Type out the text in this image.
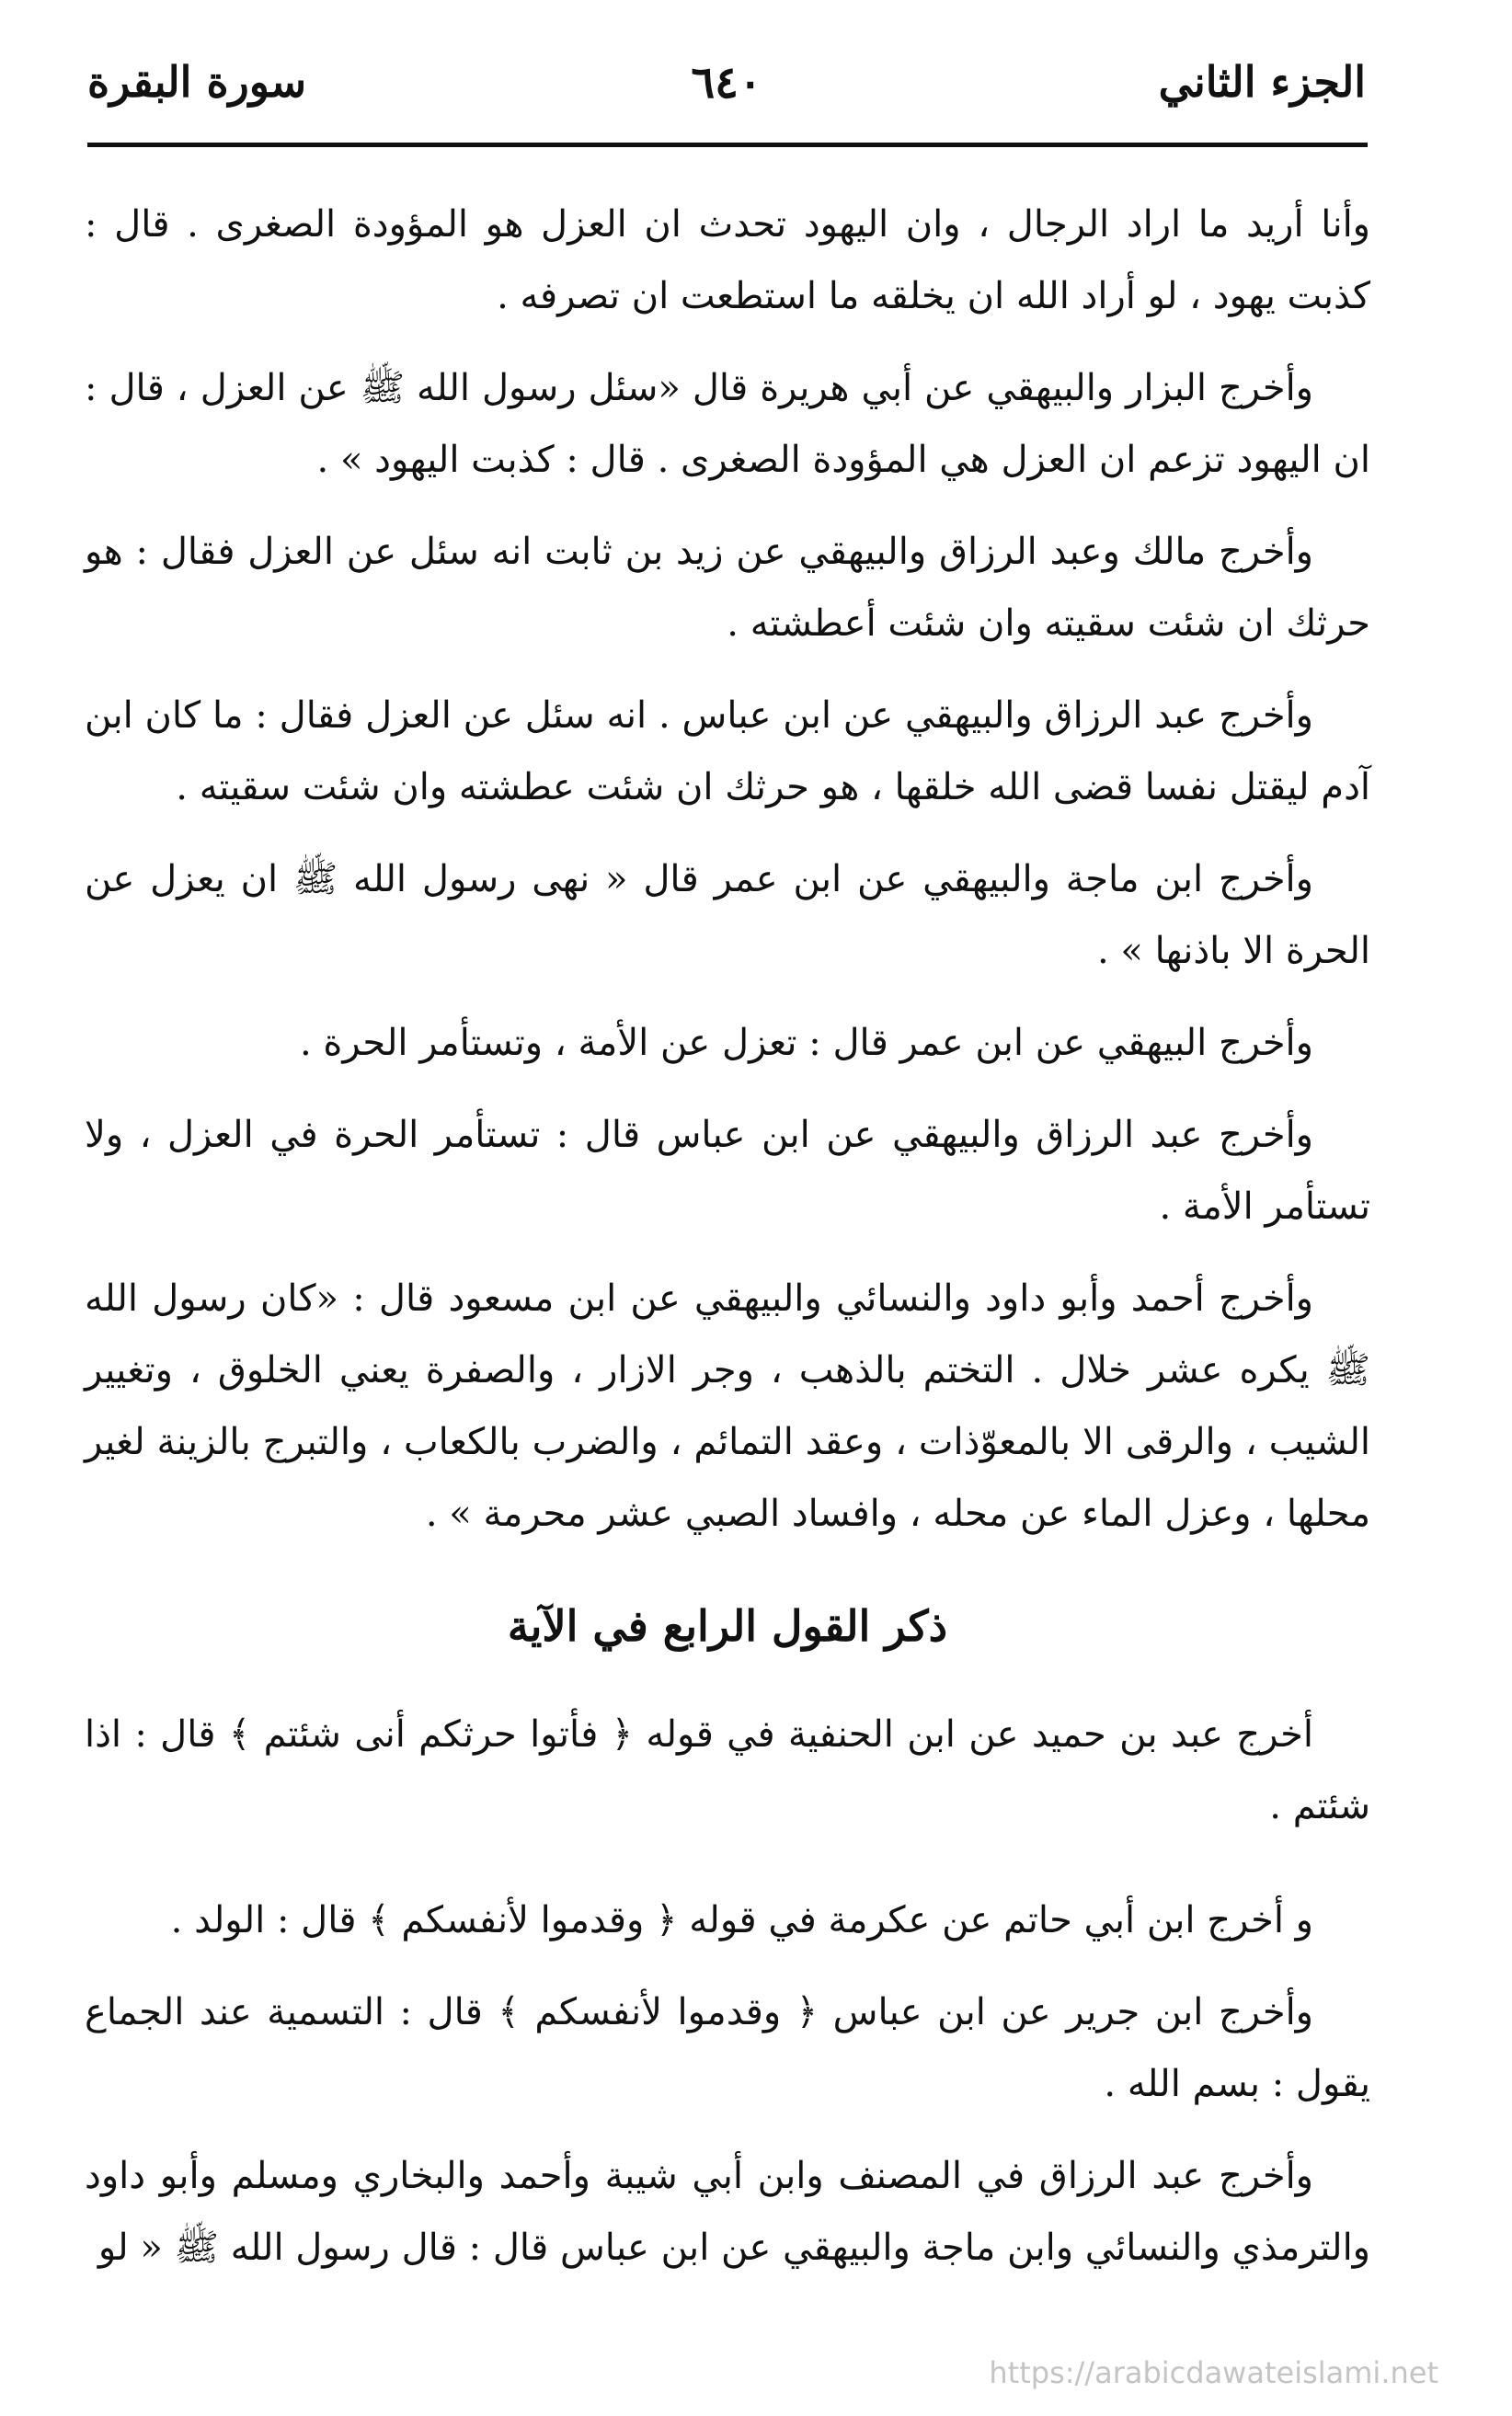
الجزء الثاني
٦٤٠
سورة البقرة

وأنا أريد ما اراد الرجال ، وان اليهود تحدث ان العزل هو المؤودة الصغرى . قال : كذبت يهود ، لو أراد الله ان يخلقه ما استطعت ان تصرفه .

وأخرج البزار والبيهقي عن أبي هريرة قال «سئل رسول الله ﷺ عن العزل ، قال : ان اليهود تزعم ان العزل هي المؤودة الصغرى . قال : كذبت اليهود » .

وأخرج مالك وعبد الرزاق والبيهقي عن زيد بن ثابت انه سئل عن العزل فقال : هو حرثك ان شئت سقيته وان شئت أعطشته .

وأخرج عبد الرزاق والبيهقي عن ابن عباس . انه سئل عن العزل فقال : ما كان ابن آدم ليقتل نفسا قضى الله خلقها ، هو حرثك ان شئت عطشته وان شئت سقيته .

وأخرج ابن ماجة والبيهقي عن ابن عمر قال « نهى رسول الله ﷺ ان يعزل عن الحرة الا باذنها » .

وأخرج البيهقي عن ابن عمر قال : تعزل عن الأمة ، وتستأمر الحرة .

وأخرج عبد الرزاق والبيهقي عن ابن عباس قال : تستأمر الحرة في العزل ، ولا تستأمر الأمة .

وأخرج أحمد وأبو داود والنسائي والبيهقي عن ابن مسعود قال : «كان رسول الله ﷺ يكره عشر خلال . التختم بالذهب ، وجر الازار ، والصفرة يعني الخلوق ، وتغيير الشيب ، والرقى الا بالمعوّذات ، وعقد التمائم ، والضرب بالكعاب ، والتبرج بالزينة لغير محلها ، وعزل الماء عن محله ، وافساد الصبي عشر محرمة » .

ذكر القول الرابع في الآية

أخرج عبد بن حميد عن ابن الحنفية في قوله ﴿ فأتوا حرثكم أنى شئتم ﴾ قال : اذا شئتم .

و أخرج ابن أبي حاتم عن عكرمة في قوله ﴿ وقدموا لأنفسكم ﴾ قال : الولد .

وأخرج ابن جرير عن ابن عباس ﴿ وقدموا لأنفسكم ﴾ قال : التسمية عند الجماع يقول : بسم الله .

وأخرج عبد الرزاق في المصنف وابن أبي شيبة وأحمد والبخاري ومسلم وأبو داود والترمذي والنسائي وابن ماجة والبيهقي عن ابن عباس قال : قال رسول الله ﷺ « لو

https://arabicdawateislami.net
